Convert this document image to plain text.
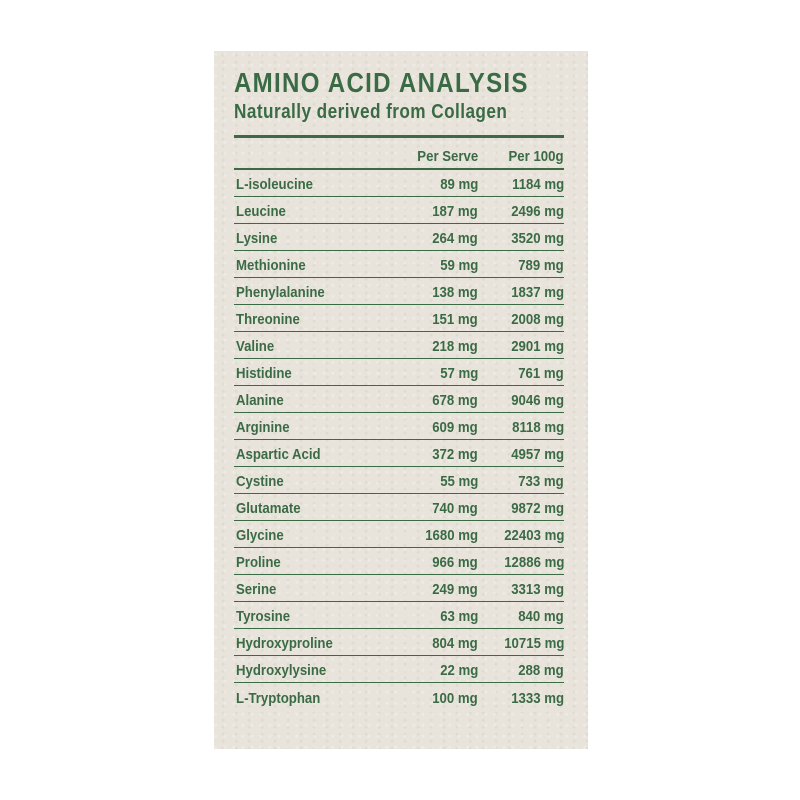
AMINO ACID ANALYSIS
Naturally derived from Collagen
Per Serve Per 100g
L-isoleucine	89 mg 1184 mg
Leucine	187 mg 2496 mg
Lysine	264 mg 3520 mg
Methionine	59 mg	789 mg
Phenylalanine	138 mg 1837 mg
Threonine	151 mg 2008 mg
Valine	218 mg 2901 mg
Histidine	57 mg	761 mg
Alanine	678 mg 9046 mg
Arginine	609 mg 8118 mg
Aspartic Acid	372 mg 4957 mg
Cystine	55 mg	733 mg
Glutamate	740 mg 9872 mg
Glycine	1680 mg 22403 mg
Proline	966 mg 12886 mg
Serine	249 mg 3313 mg
Tyrosine	63 mg	840 mg
Hydroxyproline	804 mg 10715 mg
Hydroxylysine	22 mg	288 mg
L-Tryptophan	100 mg 1333 mg
